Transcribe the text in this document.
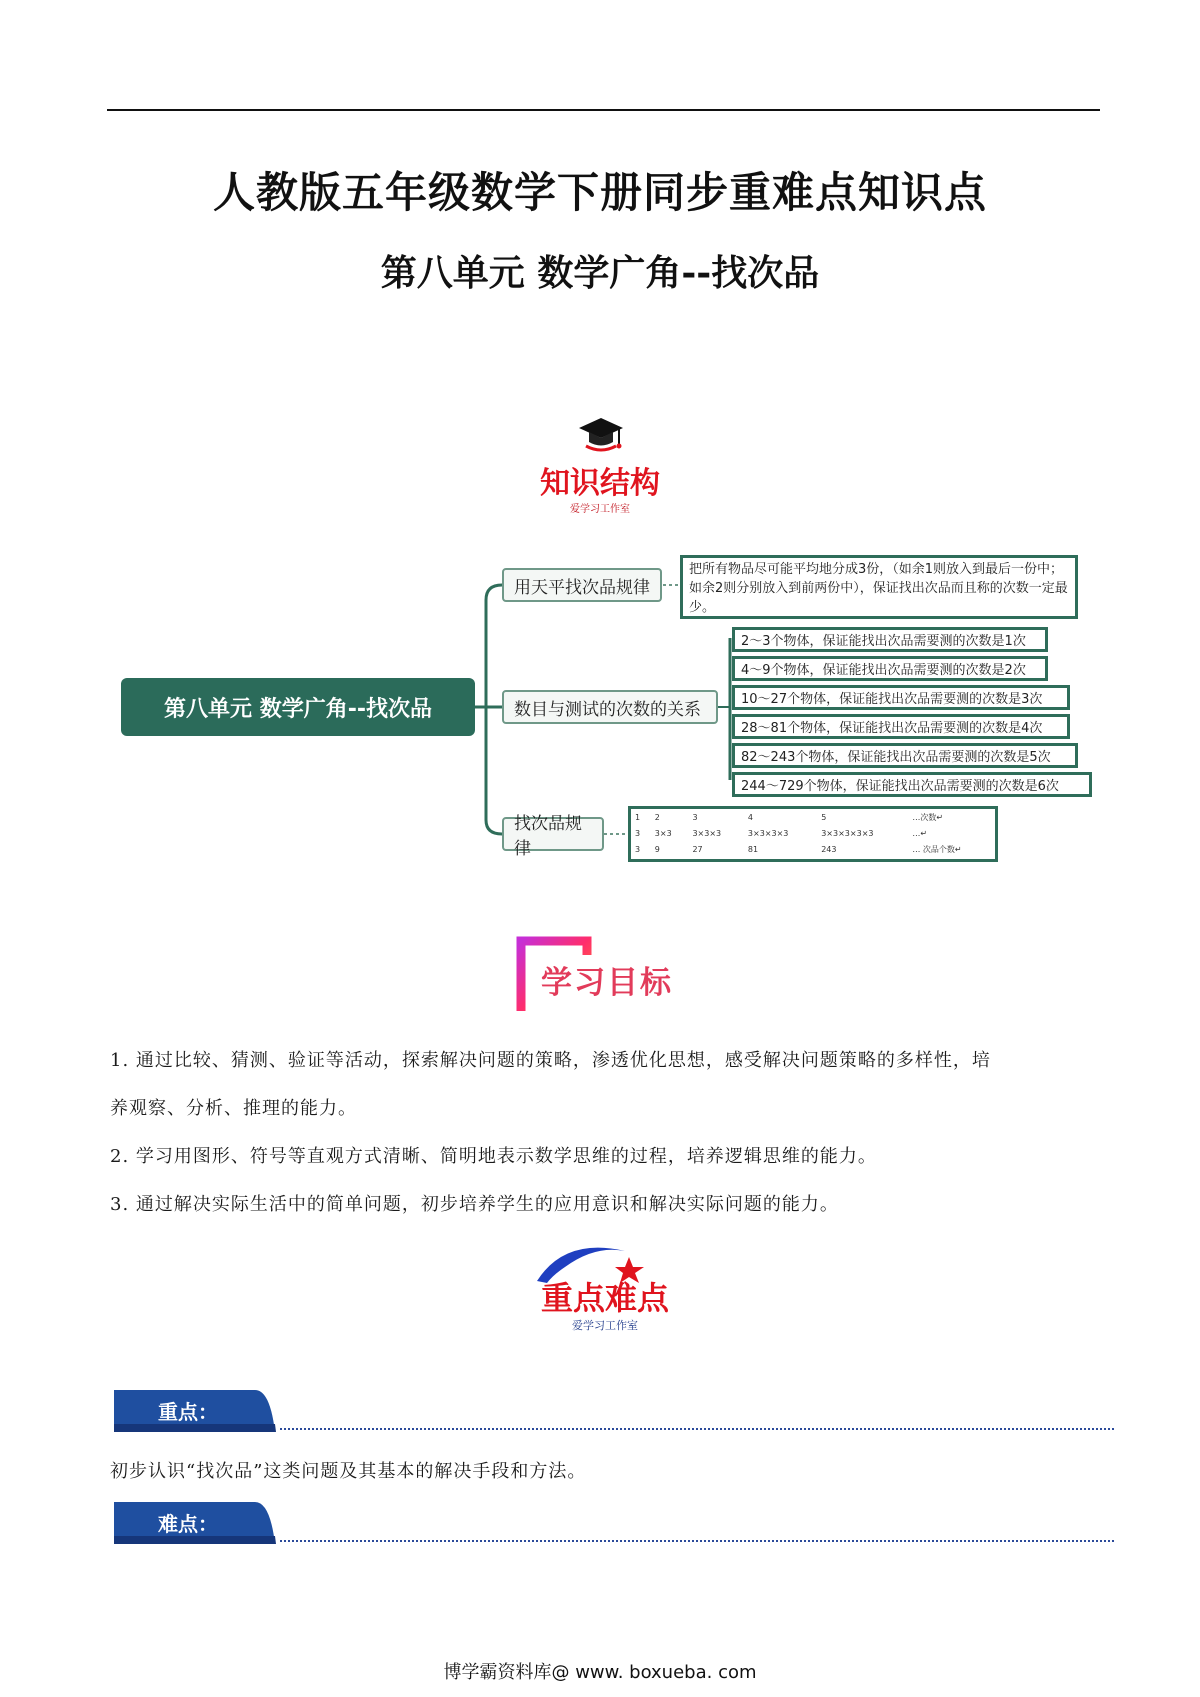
人教版五年级数学下册同步重难点知识点
第八单元 数学广角--找次品
知识结构
爱学习工作室
第八单元 数学广角--找次品
用天平找次品规律
数目与测试的次数的关系
找次品规律
把所有物品尽可能平均地分成3份，（如余1则放入到最后一份中；如余2则分别放入到前两份中），保证找出次品而且称的次数一定最少。
2～3个物体，保证能找出次品需要测的次数是1次
4～9个物体，保证能找出次品需要测的次数是2次
10～27个物体，保证能找出次品需要测的次数是3次
28～81个物体，保证能找出次品需要测的次数是4次
82～243个物体，保证能找出次品需要测的次数是5次
244～729个物体，保证能找出次品需要测的次数是6次
1	2	3	4	5	…次数↵
3	3×3	3×3×3	3×3×3×3	3×3×3×3×3	…↵
3	9	27	81	243	… 次品个数↵
学习目标
1. 通过比较、猜测、验证等活动，探索解决问题的策略，渗透优化思想，感受解决问题策略的多样性，培
养观察、分析、推理的能力。
2. 学习用图形、符号等直观方式清晰、简明地表示数学思维的过程，培养逻辑思维的能力。
3. 通过解决实际生活中的简单问题，初步培养学生的应用意识和解决实际问题的能力。
重点难点
爱学习工作室
重点：
初步认识“找次品”这类问题及其基本的解决手段和方法。
难点：
博学霸资料库@ www. boxueba. com
